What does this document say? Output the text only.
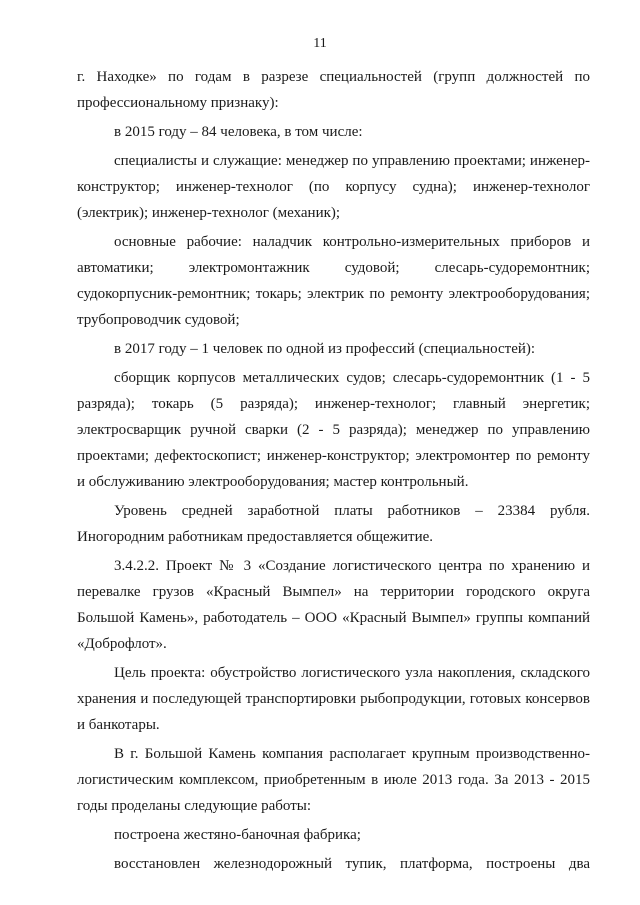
11

г. Находке» по годам в разрезе специальностей (групп должностей по профессиональному признаку):

в 2015 году – 84 человека, в том числе:

специалисты и служащие: менеджер по управлению проектами; инженер-конструктор; инженер-технолог (по корпусу судна); инженер-технолог (электрик); инженер-технолог (механик);

основные рабочие: наладчик контрольно-измерительных приборов и автоматики; электромонтажник судовой; слесарь-судоремонтник; судокорпусник-ремонтник; токарь; электрик по ремонту электрооборудования; трубопроводчик судовой;

в 2017 году – 1 человек по одной из профессий (специальностей):

сборщик корпусов металлических судов; слесарь-судоремонтник (1 - 5 разряда); токарь (5 разряда); инженер-технолог; главный энергетик; электросварщик ручной сварки (2 - 5 разряда); менеджер по управлению проектами; дефектоскопист; инженер-конструктор; электромонтер по ремонту и обслуживанию электрооборудования; мастер контрольный.

Уровень средней заработной платы работников – 23384 рубля. Иногородним работникам предоставляется общежитие.

3.4.2.2. Проект № 3 «Создание логистического центра по хранению и перевалке грузов «Красный Вымпел» на территории городского округа Большой Камень», работодатель – ООО «Красный Вымпел» группы компаний «Доброфлот».

Цель проекта: обустройство логистического узла накопления, складского хранения и последующей транспортировки рыбопродукции, готовых консервов и банкотары.

В г. Большой Камень компания располагает крупным производственно-логистическим комплексом, приобретенным в июле 2013 года. За 2013 - 2015 годы проделаны следующие работы:

построена жестяно-баночная фабрика;

восстановлен железнодорожный тупик, платформа, построены два
